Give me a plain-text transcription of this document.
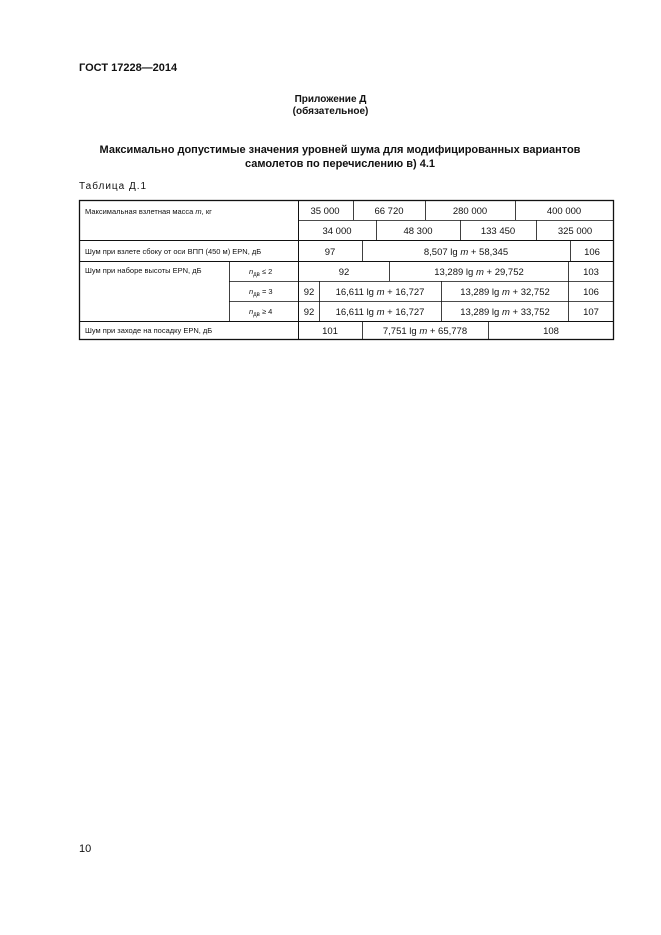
ГОСТ 17228—2014
Приложение Д
(обязательное)
Максимально допустимые значения уровней шума для модифицированных вариантов
самолетов по перечислению в) 4.1
Таблица Д.1
Максимальная взлетная масса m, кг	35 000	66 720	280 000	400 000
34 000	48 300	133 450	325 000
Шум при взлете сбоку от оси ВПП (450 м) EPN, дБ	97	8,507 lg m + 58,345	106
Шум при наборе высоты EPN, дБ	$n_{дв} \le 2$	92	13,289 lg m + 29,752	103
$n_{дв} = 3$	92 16,611 lg m + 16,727	13,289 lg m + 32,752	106
$n_{дв} \ge 4$	92 16,611 lg m + 16,727	13,289 lg m + 33,752	107
Шум при заходе на посадку EPN, дБ	101	7,751 lg m + 65,778	108
10
